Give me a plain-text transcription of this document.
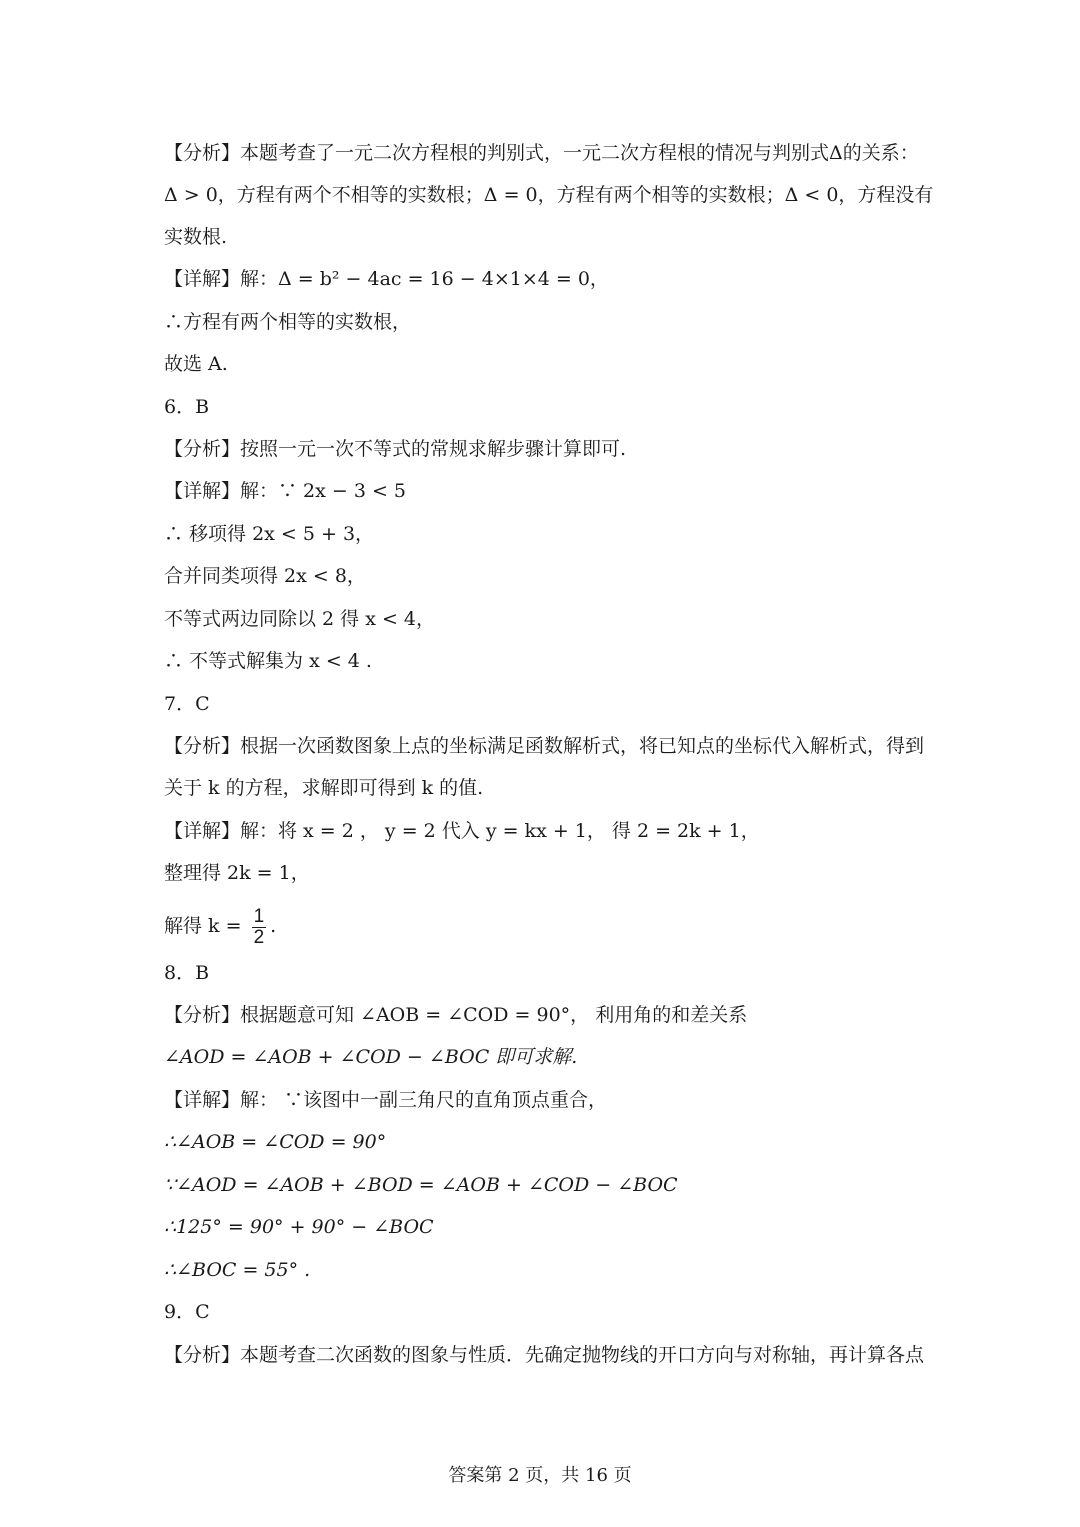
【分析】本题考查了一元二次方程根的判别式，一元二次方程根的情况与判别式Δ的关系：
Δ > 0，方程有两个不相等的实数根；Δ = 0，方程有两个相等的实数根；Δ < 0，方程没有
实数根.
【详解】解：Δ = b² − 4ac = 16 − 4×1×4 = 0，
∴方程有两个相等的实数根，
故选 A.
6．B
【分析】按照一元一次不等式的常规求解步骤计算即可.
【详解】解：∵ 2x − 3 < 5
∴ 移项得 2x < 5 + 3，
合并同类项得 2x < 8，
不等式两边同除以 2 得 x < 4，
∴ 不等式解集为 x < 4 .
7．C
【分析】根据一次函数图象上点的坐标满足函数解析式，将已知点的坐标代入解析式，得到
关于 k 的方程，求解即可得到 k 的值.
【详解】解：将 x = 2 ， y = 2 代入 y = kx + 1， 得 2 = 2k + 1，
整理得 2k = 1，
解得 $k = \frac{1}{2}$ .
8．B
【分析】根据题意可知 ∠AOB = ∠COD = 90°， 利用角的和差关系
∠AOD = ∠AOB + ∠COD − ∠BOC 即可求解.
【详解】解： ∵该图中一副三角尺的直角顶点重合，
∴∠AOB = ∠COD = 90°
∵∠AOD = ∠AOB + ∠BOD = ∠AOB + ∠COD − ∠BOC
∴125° = 90° + 90° − ∠BOC
∴∠BOC = 55° .
9．C
【分析】本题考查二次函数的图象与性质．先确定抛物线的开口方向与对称轴，再计算各点
答案第 2 页，共 16 页
